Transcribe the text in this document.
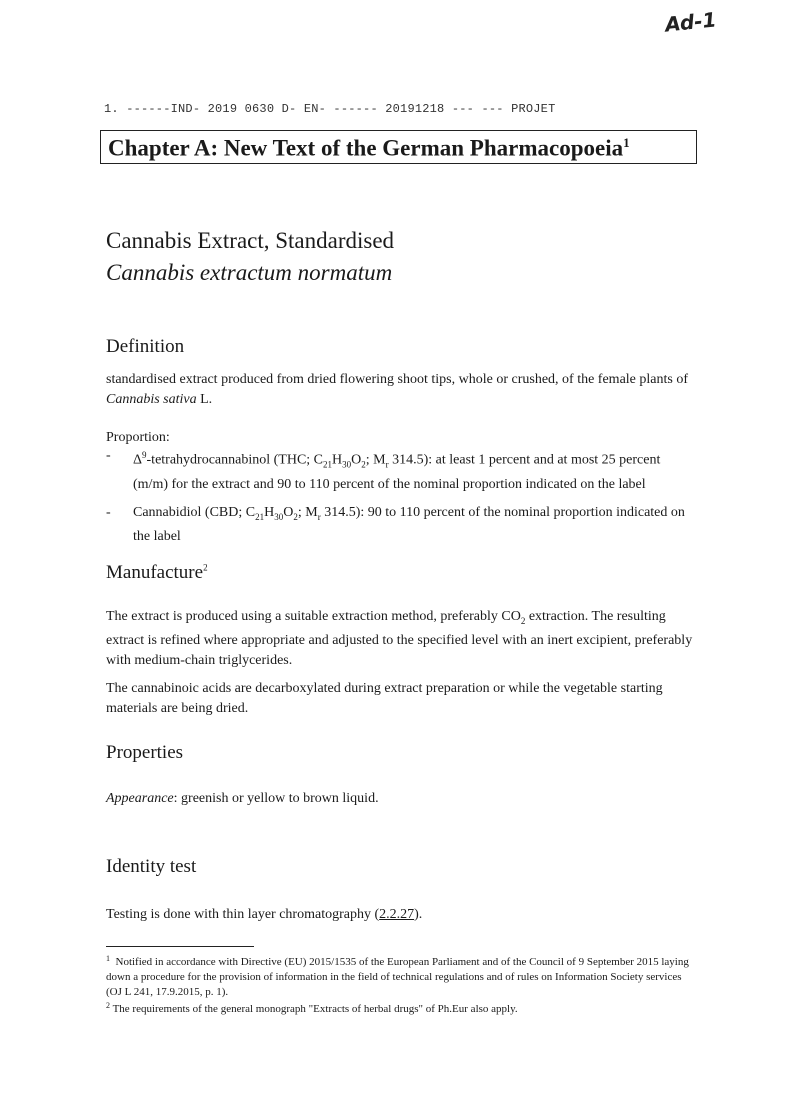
Ad-1
1. ------IND- 2019 0630 D- EN- ------ 20191218 --- --- PROJET
Chapter A: New Text of the German Pharmacopoeia$^1$
Cannabis Extract, Standardised
Cannabis extractum normatum
Definition
standardised extract produced from dried flowering shoot tips, whole or crushed, of the female plants of Cannabis sativa L.
Proportion:
- $\Delta^9$-tetrahydrocannabinol (THC; $C_{21}H_{30}O_2$; $M_r$ 314.5): at least 1 percent and at most 25 percent (m/m) for the extract and 90 to 110 percent of the nominal proportion indicated on the label
- Cannabidiol (CBD; $C_{21}H_{30}O_2$; $M_r$ 314.5): 90 to 110 percent of the nominal proportion indicated on the label
Manufacture$^2$
The extract is produced using a suitable extraction method, preferably $CO_2$ extraction. The resulting extract is refined where appropriate and adjusted to the specified level with an inert excipient, preferably with medium-chain triglycerides.
The cannabinoic acids are decarboxylated during extract preparation or while the vegetable starting materials are being dried.
Properties
Appearance: greenish or yellow to brown liquid.
Identity test
Testing is done with thin layer chromatography (2.2.27).
$^1$ Notified in accordance with Directive (EU) 2015/1535 of the European Parliament and of the Council of 9 September 2015 laying down a procedure for the provision of information in the field of technical regulations and of rules on Information Society services (OJ L 241, 17.9.2015, p. 1).
$^2$ The requirements of the general monograph "Extracts of herbal drugs" of Ph.Eur also apply.
